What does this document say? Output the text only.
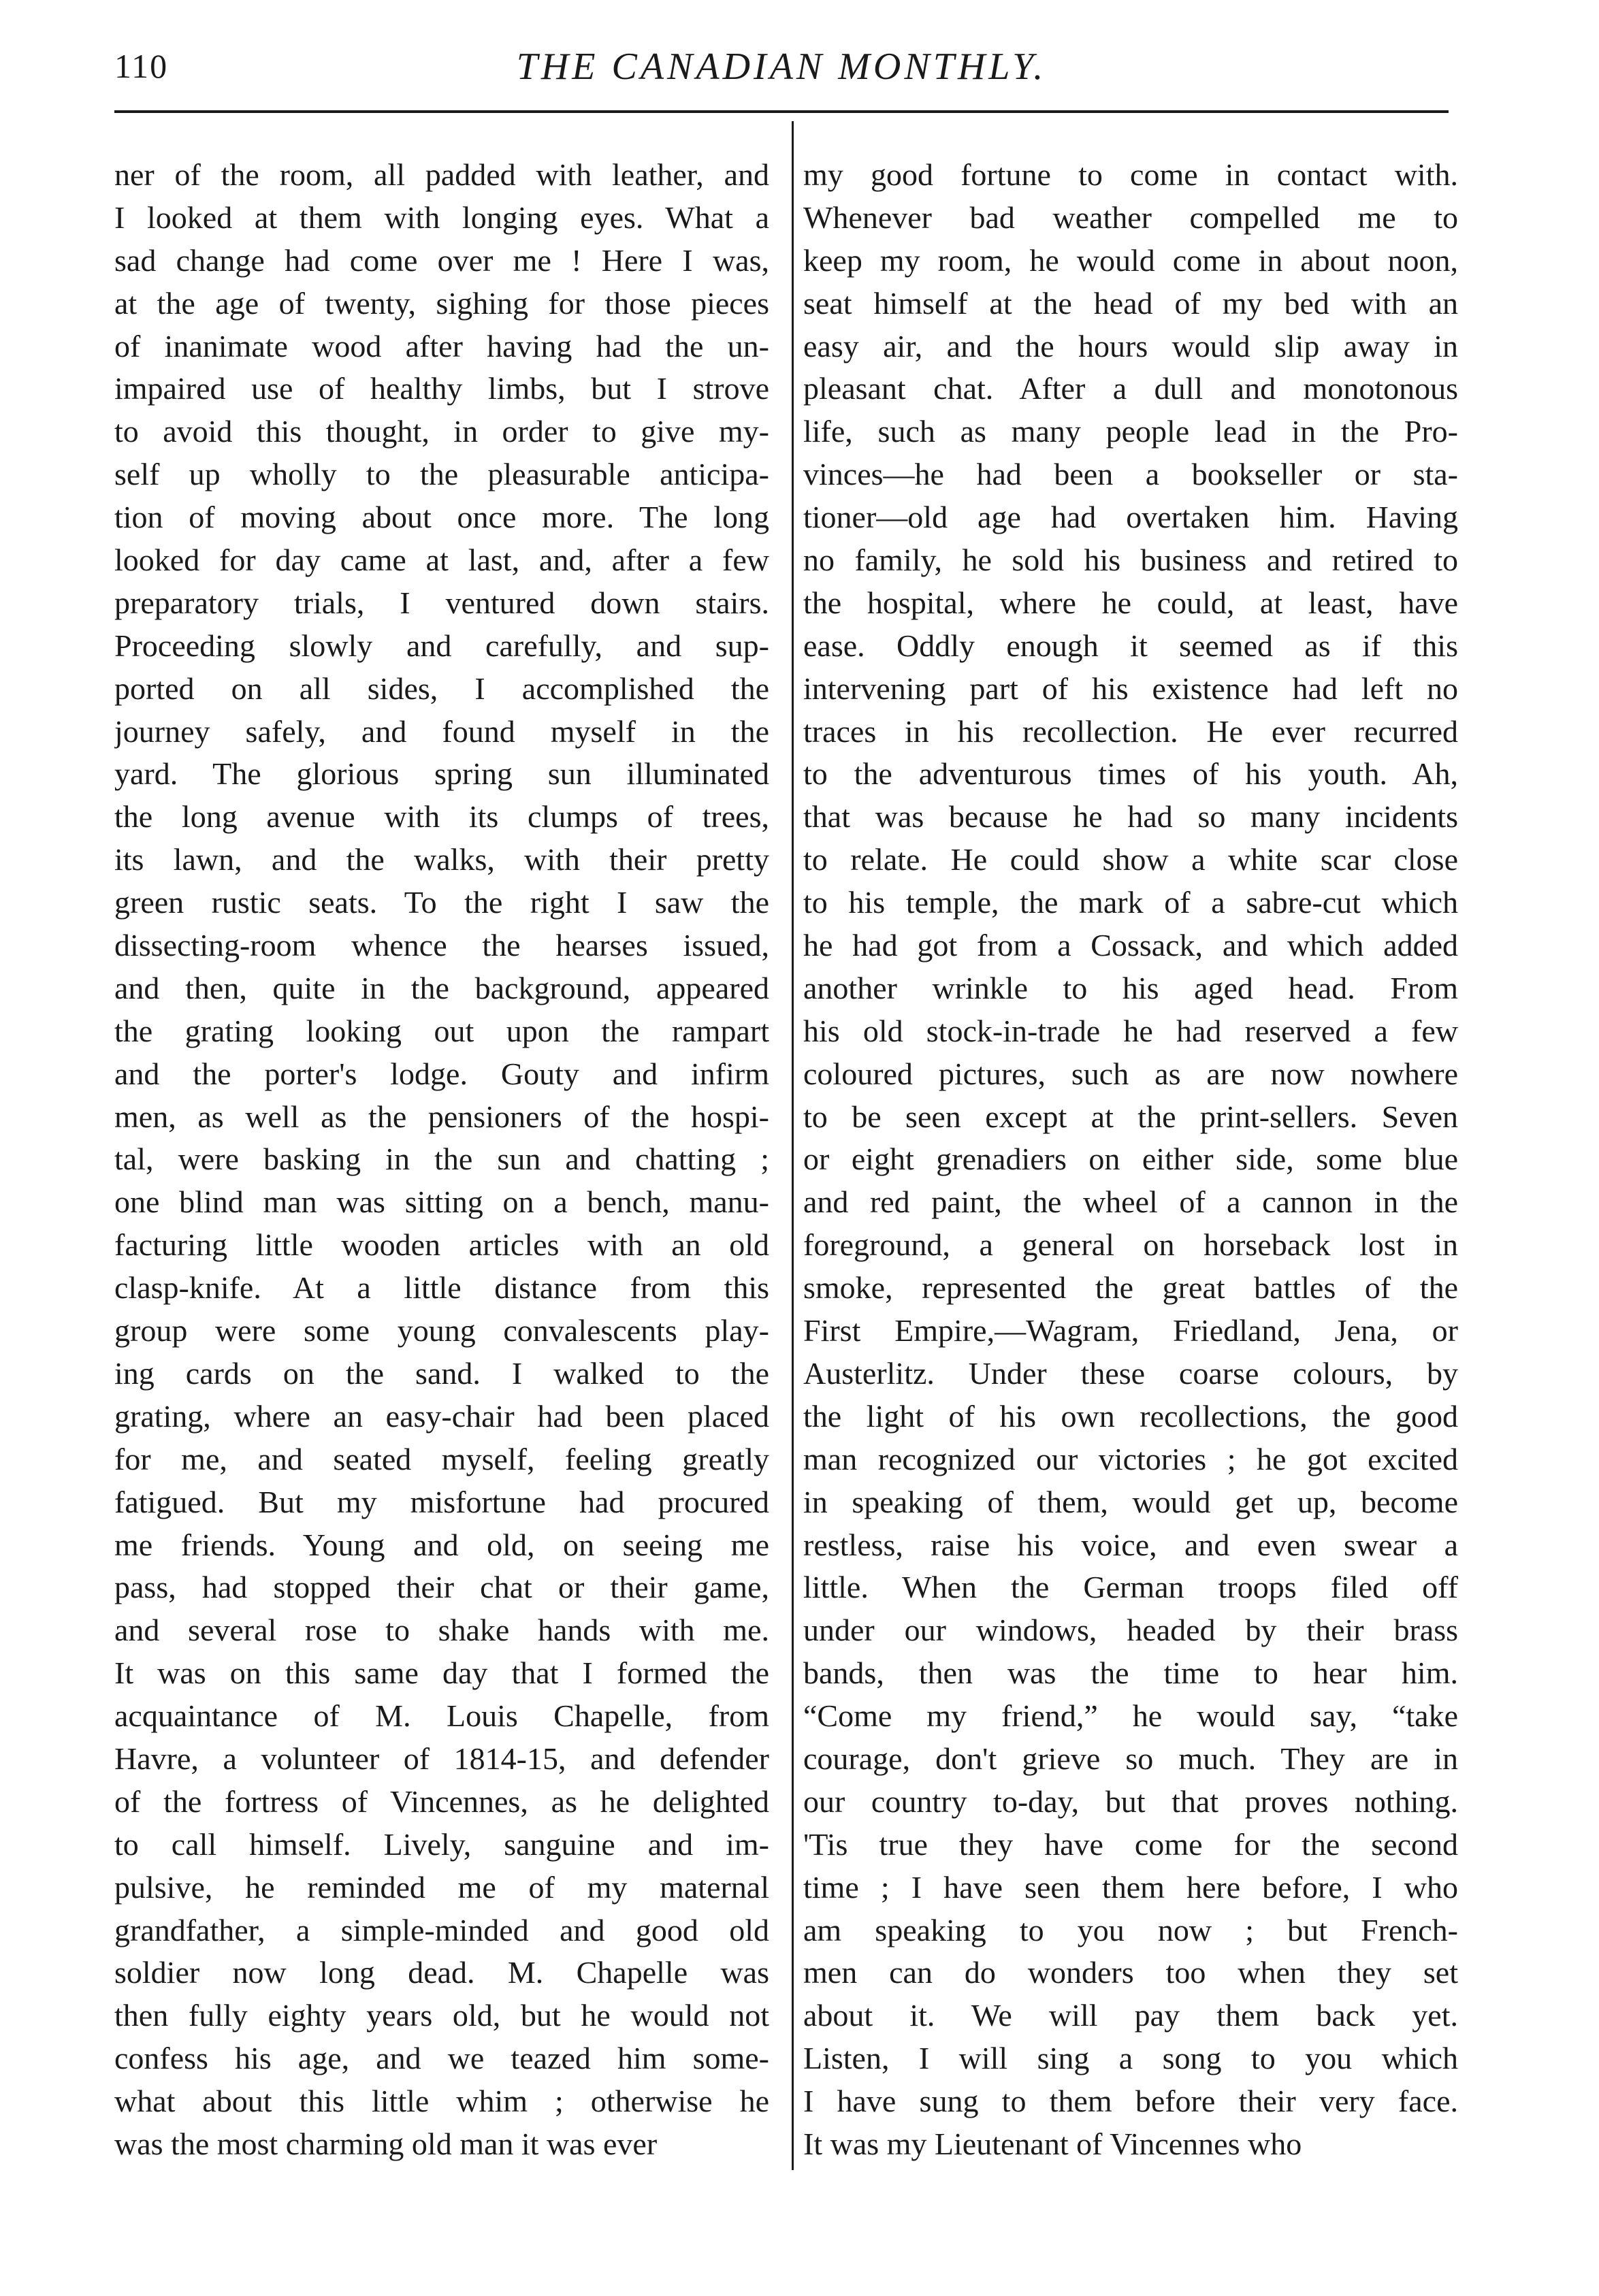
110	THE CANADIAN MONTHLY.
ner of the room, all padded with leather, and
I looked at them with longing eyes. What a
sad change had come over me ! Here I was,
at the age of twenty, sighing for those pieces
of inanimate wood after having had the un-
impaired use of healthy limbs, but I strove
to avoid this thought, in order to give my-
self up wholly to the pleasurable anticipa-
tion of moving about once more. The long
looked for day came at last, and, after a few
preparatory trials, I ventured down stairs.
Proceeding slowly and carefully, and sup-
ported on all sides, I accomplished the
journey safely, and found myself in the
yard. The glorious spring sun illuminated
the long avenue with its clumps of trees,
its lawn, and the walks, with their pretty
green rustic seats. To the right I saw the
dissecting-room whence the hearses issued,
and then, quite in the background, appeared
the grating looking out upon the rampart
and the porter's lodge. Gouty and infirm
men, as well as the pensioners of the hospi-
tal, were basking in the sun and chatting ;
one blind man was sitting on a bench, manu-
facturing little wooden articles with an old
clasp-knife. At a little distance from this
group were some young convalescents play-
ing cards on the sand. I walked to the
grating, where an easy-chair had been placed
for me, and seated myself, feeling greatly
fatigued. But my misfortune had procured
me friends. Young and old, on seeing me
pass, had stopped their chat or their game,
and several rose to shake hands with me.
It was on this same day that I formed the
acquaintance of M. Louis Chapelle, from
Havre, a volunteer of 1814-15, and defender
of the fortress of Vincennes, as he delighted
to call himself. Lively, sanguine and im-
pulsive, he reminded me of my maternal
grandfather, a simple-minded and good old
soldier now long dead. M. Chapelle was
then fully eighty years old, but he would not
confess his age, and we teazed him some-
what about this little whim ; otherwise he
was the most charming old man it was ever
my good fortune to come in contact with.
Whenever bad weather compelled me to
keep my room, he would come in about noon,
seat himself at the head of my bed with an
easy air, and the hours would slip away in
pleasant chat. After a dull and monotonous
life, such as many people lead in the Pro-
vinces—he had been a bookseller or sta-
tioner—old age had overtaken him. Having
no family, he sold his business and retired to
the hospital, where he could, at least, have
ease. Oddly enough it seemed as if this
intervening part of his existence had left no
traces in his recollection. He ever recurred
to the adventurous times of his youth. Ah,
that was because he had so many incidents
to relate. He could show a white scar close
to his temple, the mark of a sabre-cut which
he had got from a Cossack, and which added
another wrinkle to his aged head. From
his old stock-in-trade he had reserved a few
coloured pictures, such as are now nowhere
to be seen except at the print-sellers. Seven
or eight grenadiers on either side, some blue
and red paint, the wheel of a cannon in the
foreground, a general on horseback lost in
smoke, represented the great battles of the
First Empire,—Wagram, Friedland, Jena, or
Austerlitz. Under these coarse colours, by
the light of his own recollections, the good
man recognized our victories ; he got excited
in speaking of them, would get up, become
restless, raise his voice, and even swear a
little. When the German troops filed off
under our windows, headed by their brass
bands, then was the time to hear him.
“Come my friend,” he would say, “take
courage, don't grieve so much. They are in
our country to-day, but that proves nothing.
'Tis true they have come for the second
time ; I have seen them here before, I who
am speaking to you now ; but French-
men can do wonders too when they set
about it. We will pay them back yet.
Listen, I will sing a song to you which
I have sung to them before their very face.
It was my Lieutenant of Vincennes who
